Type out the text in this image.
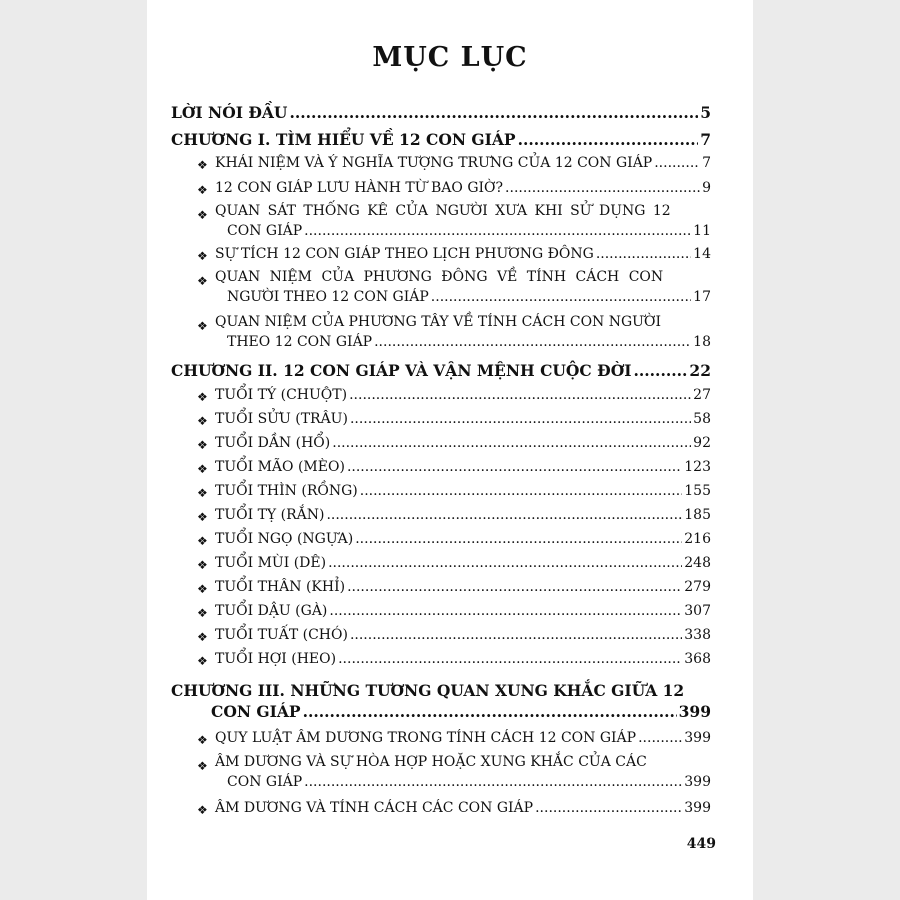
MỤC LỤC
LỜI NÓI ĐẦU .....	5
CHƯƠNG I. TÌM HIỂU VỀ 12 CON GIÁP .....	7
❖ KHÁI NIỆM VÀ Ý NGHĨA TƯỢNG TRƯNG CỦA 12 CON GIÁP .....	7
❖ 12 CON GIÁP LƯU HÀNH TỪ BAO GIỜ? .....	9
❖ QUAN SÁT THỐNG KÊ CỦA NGƯỜI XƯA KHI SỬ DỤNG 12
CON GIÁP .....	11
❖ SỰ TÍCH 12 CON GIÁP THEO LỊCH PHƯƠNG ĐÔNG .....	14
❖ QUAN NIỆM CỦA PHƯƠNG ĐÔNG VỀ TÍNH CÁCH CON
NGƯỜI THEO 12 CON GIÁP .....	17
❖ QUAN NIỆM CỦA PHƯƠNG TÂY VỀ TÍNH CÁCH CON NGƯỜI
THEO 12 CON GIÁP .....	18
CHƯƠNG II. 12 CON GIÁP VÀ VẬN MỆNH CUỘC ĐỜI .....	22
❖ TUỔI TÝ (CHUỘT) .....	27
❖ TUỔI SỬU (TRÂU) .....	58
❖ TUỔI DẦN (HỔ) .....	92
❖ TUỔI MÃO (MÈO) .....	123
❖ TUỔI THÌN (RỒNG) .....	155
❖ TUỔI TỴ (RẮN) .....	185
❖ TUỔI NGỌ (NGỰA) .....	216
❖ TUỔI MÙI (DÊ) .....	248
❖ TUỔI THÂN (KHỈ) .....	279
❖ TUỔI DẬU (GÀ) .....	307
❖ TUỔI TUẤT (CHÓ) .....	338
❖ TUỔI HỢI (HEO) .....	368
CHƯƠNG III. NHỮNG TƯƠNG QUAN XUNG KHẮC GIỮA 12
CON GIÁP .....	399
❖ QUY LUẬT ÂM DƯƠNG TRONG TÍNH CÁCH 12 CON GIÁP .....	399
❖ ÂM DƯƠNG VÀ SỰ HÒA HỢP HOẶC XUNG KHẮC CỦA CÁC
CON GIÁP .....	399
❖ ÂM DƯƠNG VÀ TÍNH CÁCH CÁC CON GIÁP .....	399
449
